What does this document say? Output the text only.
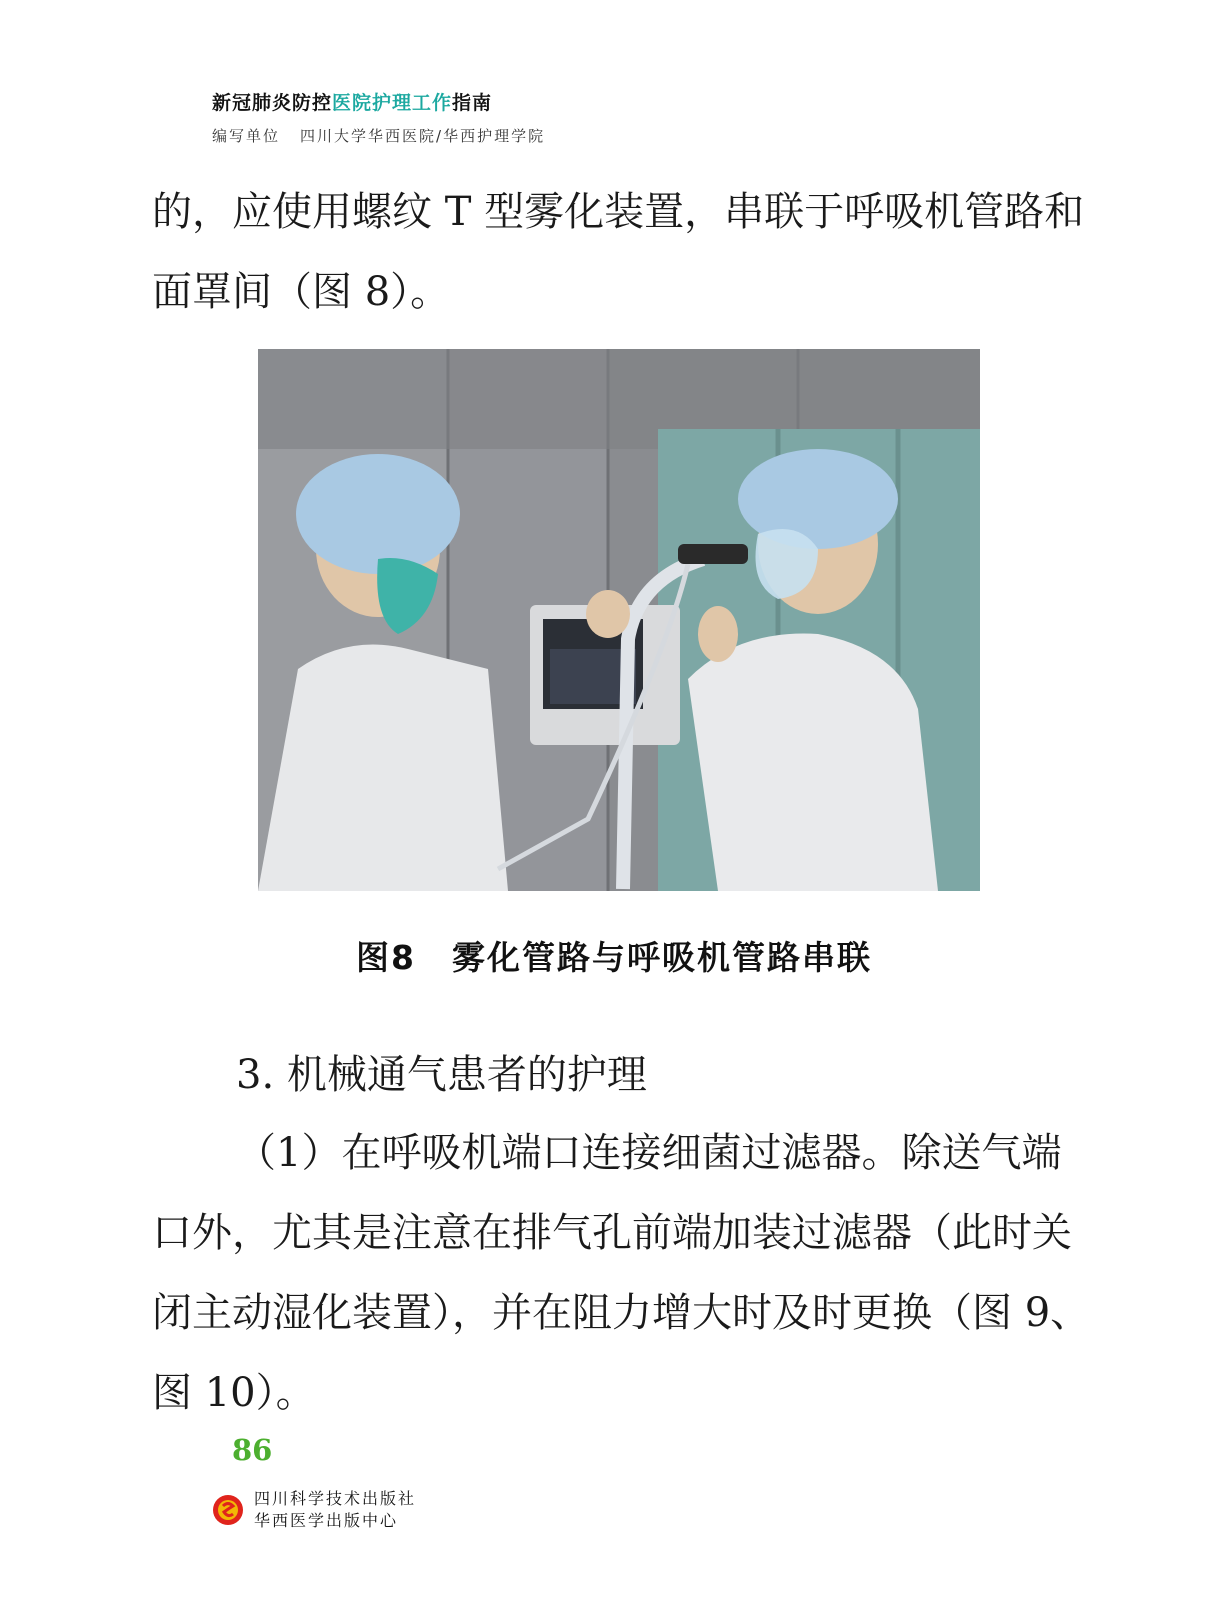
新冠肺炎防控医院护理工作指南
编写单位 四川大学华西医院/华西护理学院

的，应使用螺纹 T 型雾化装置，串联于呼吸机管路和面罩间（图 8）。

图8 雾化管路与呼吸机管路串联

3. 机械通气患者的护理

（1）在呼吸机端口连接细菌过滤器。除送气端口外，尤其是注意在排气孔前端加装过滤器（此时关闭主动湿化装置），并在阻力增大时及时更换（图 9、图 10）。

86
四川科学技术出版社
华西医学出版中心
